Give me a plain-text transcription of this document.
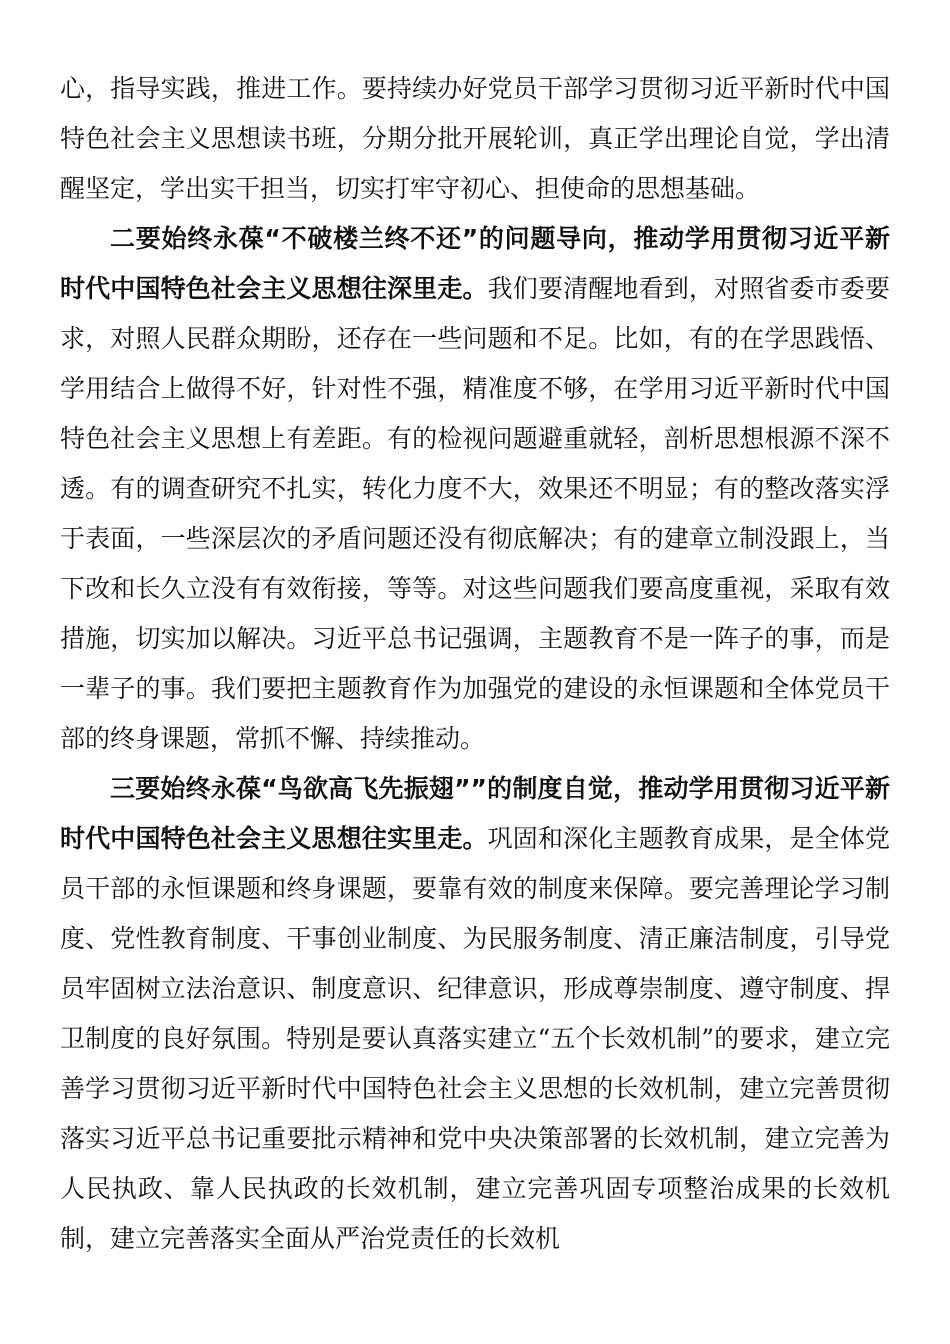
心，指导实践，推进工作。要持续办好党员干部学习贯彻习近平新时代中国特色社会主义思想读书班，分期分批开展轮训，真正学出理论自觉，学出清醒坚定，学出实干担当，切实打牢守初心、担使命的思想基础。

二要始终永葆“不破楼兰终不还”的问题导向，推动学用贯彻习近平新时代中国特色社会主义思想往深里走。我们要清醒地看到，对照省委市委要求，对照人民群众期盼，还存在一些问题和不足。比如，有的在学思践悟、学用结合上做得不好，针对性不强，精准度不够，在学用习近平新时代中国特色社会主义思想上有差距。有的检视问题避重就轻，剖析思想根源不深不透。有的调查研究不扎实，转化力度不大，效果还不明显；有的整改落实浮于表面，一些深层次的矛盾问题还没有彻底解决；有的建章立制没跟上，当下改和长久立没有有效衔接，等等。对这些问题我们要高度重视，采取有效措施，切实加以解决。习近平总书记强调，主题教育不是一阵子的事，而是一辈子的事。我们要把主题教育作为加强党的建设的永恒课题和全体党员干部的终身课题，常抓不懈、持续推动。

三要始终永葆“鸟欲高飞先振翅””的制度自觉，推动学用贯彻习近平新时代中国特色社会主义思想往实里走。巩固和深化主题教育成果，是全体党员干部的永恒课题和终身课题，要靠有效的制度来保障。要完善理论学习制度、党性教育制度、干事创业制度、为民服务制度、清正廉洁制度，引导党员牢固树立法治意识、制度意识、纪律意识，形成尊崇制度、遵守制度、捍卫制度的良好氛围。特别是要认真落实建立“五个长效机制”的要求，建立完善学习贯彻习近平新时代中国特色社会主义思想的长效机制，建立完善贯彻落实习近平总书记重要批示精神和党中央决策部署的长效机制，建立完善为人民执政、靠人民执政的长效机制，建立完善巩固专项整治成果的长效机制，建立完善落实全面从严治党责任的长效机
